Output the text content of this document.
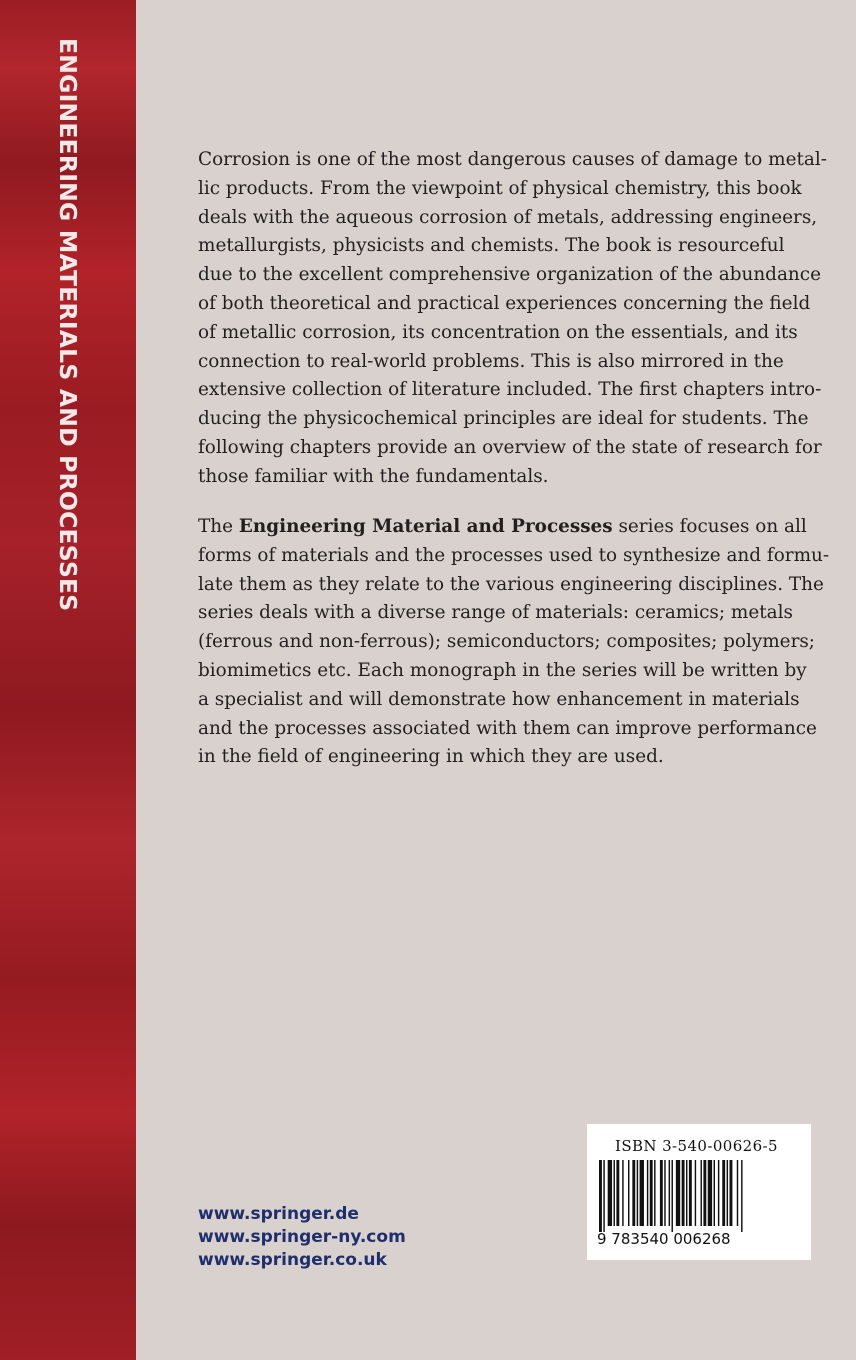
ENGINEERING MATERIALS AND PROCESSES	Corrosion is one of the most dangerous causes of damage to metal-
lic products. From the viewpoint of physical chemistry, this book
deals with the aqueous corrosion of metals, addressing engineers,
metallurgists, physicists and chemists. The book is resourceful
due to the excellent comprehensive organization of the abundance
of both theoretical and practical experiences concerning the field
of metallic corrosion, its concentration on the essentials, and its
connection to real-world problems. This is also mirrored in the
extensive collection of literature included. The first chapters intro-
ducing the physicochemical principles are ideal for students. The
following chapters provide an overview of the state of research for
those familiar with the fundamentals.
The Engineering Material and Processes series focuses on all
forms of materials and the processes used to synthesize and formu-
late them as they relate to the various engineering disciplines. The
series deals with a diverse range of materials: ceramics; metals
(ferrous and non-ferrous); semiconductors; composites; polymers;
biomimetics etc. Each monograph in the series will be written by
a specialist and will demonstrate how enhancement in materials
and the processes associated with them can improve performance
in the field of engineering in which they are used.
www.springer.de
www.springer-ny.com
www.springer.co.uk
ISBN 3-540-00626-5
9 783540 006268
